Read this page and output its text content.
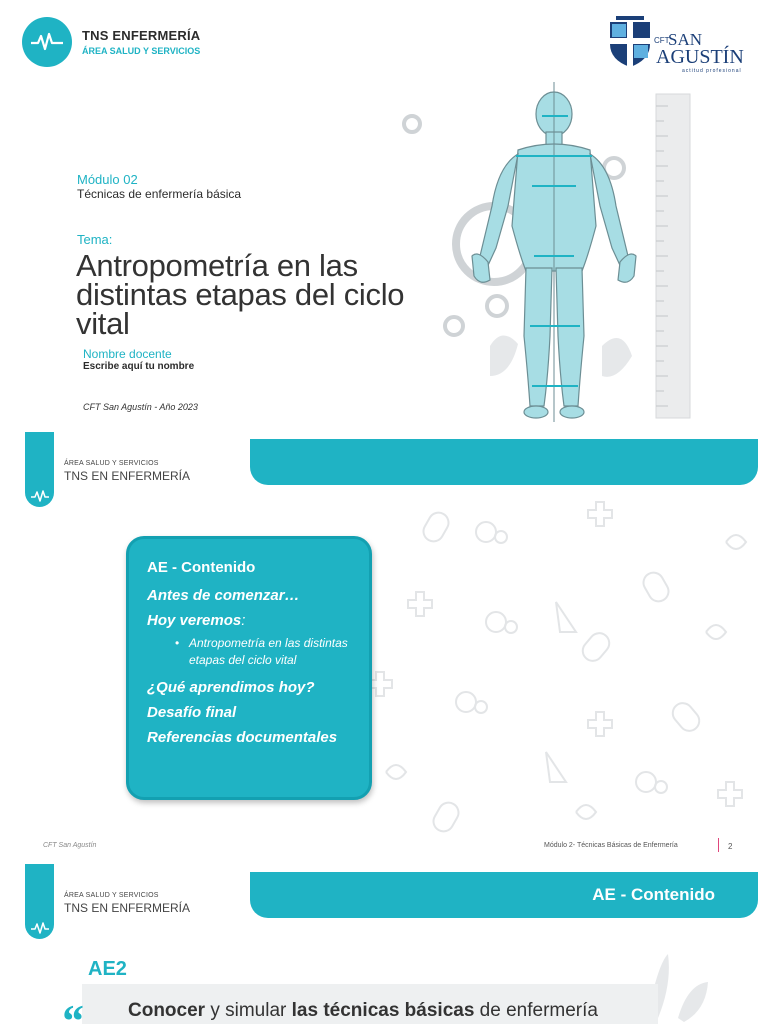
TNS ENFERMERÍA
ÁREA SALUD Y SERVICIOS
CFT
SAN
AGUSTÍN
actitud profesional
Módulo 02
Técnicas de enfermería básica
Tema:
Antropometría en las distintas etapas del ciclo vital
Nombre docente
Escribe aquí tu nombre
CFT San Agustín - Año 2023
ÁREA SALUD Y SERVICIOS
TNS EN ENFERMERÍA
AE - Contenido
Antes de comenzar…
Hoy veremos:
• Antropometría en las distintas etapas del ciclo vital
¿Qué aprendimos hoy?
Desafío final
Referencias documentales
CFT San Agustín	Módulo 2- Técnicas Básicas de Enfermería	2
ÁREA SALUD Y SERVICIOS
TNS EN ENFERMERÍA
AE - Contenido
AE2
“ Conocer y simular las técnicas básicas de enfermería
